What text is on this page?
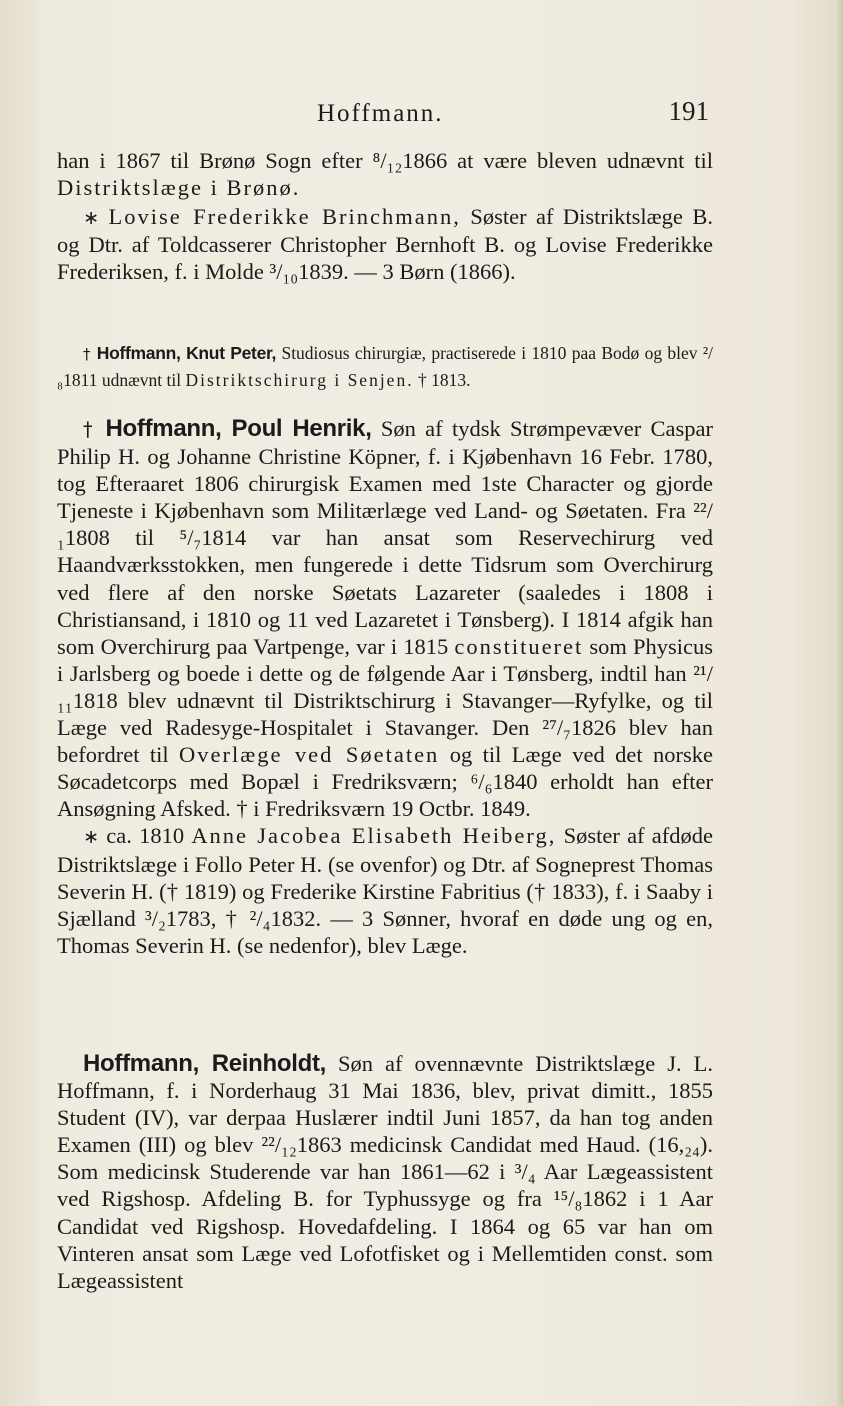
Hoffmann.	191

han i 1867 til Brønø Sogn efter ⁸/₁₂1866 at være bleven udnævnt til Distriktslæge i Brønø.

∗ Lovise Frederikke Brinchmann, Søster af Distriktslæge B. og Dtr. af Toldcasserer Christopher Bernhoft B. og Lovise Frederikke Frederiksen, f. i Molde ³/₁₀1839. — 3 Børn (1866).

† Hoffmann, Knut Peter, Studiosus chirurgiæ, practiserede i 1810 paa Bodø og blev ²/₈1811 udnævnt til Distriktschirurg i Senjen. † 1813.

† Hoffmann, Poul Henrik, Søn af tydsk Strømpevæver Caspar Philip H. og Johanne Christine Köpner, f. i Kjøbenhavn 16 Febr. 1780, tog Efteraaret 1806 chirurgisk Examen med 1ste Character og gjorde Tjeneste i Kjøbenhavn som Militærlæge ved Land- og Søetaten. Fra ²²/₁1808 til ⁵/₇1814 var han ansat som Reservechirurg ved Haandværksstokken, men fungerede i dette Tidsrum som Overchirurg ved flere af den norske Søetats Lazareter (saaledes i 1808 i Christiansand, i 1810 og 11 ved Lazaretet i Tønsberg). I 1814 afgik han som Overchirurg paa Vartpenge, var i 1815 constitueret som Physicus i Jarlsberg og boede i dette og de følgende Aar i Tønsberg, indtil han ²¹/₁₁1818 blev udnævnt til Distriktschirurg i Stavanger—Ryfylke, og til Læge ved Radesyge-Hospitalet i Stavanger. Den ²⁷/₇1826 blev han befordret til Overlæge ved Søetaten og til Læge ved det norske Søcadetcorps med Bopæl i Fredriksværn; ⁶/₆1840 erholdt han efter Ansøgning Afsked. † i Fredriksværn 19 Octbr. 1849.

∗ ca. 1810 Anne Jacobea Elisabeth Heiberg, Søster af afdøde Distriktslæge i Follo Peter H. (se ovenfor) og Dtr. af Sogneprest Thomas Severin H. († 1819) og Frederike Kirstine Fabritius († 1833), f. i Saaby i Sjælland ³/₂1783, † ²/₄1832. — 3 Sønner, hvoraf en døde ung og en, Thomas Severin H. (se nedenfor), blev Læge.

Hoffmann, Reinholdt, Søn af ovennævnte Distriktslæge J. L. Hoffmann, f. i Norderhaug 31 Mai 1836, blev, privat dimitt., 1855 Student (IV), var derpaa Huslærer indtil Juni 1857, da han tog anden Examen (III) og blev ²²/₁₂1863 medicinsk Candidat med Haud. (16,₂₄). Som medicinsk Studerende var han 1861—62 i ³/₄ Aar Lægeassistent ved Rigshosp. Afdeling B. for Typhussyge og fra ¹⁵/₈1862 i 1 Aar Candidat ved Rigshosp. Hovedafdeling. I 1864 og 65 var han om Vinteren ansat som Læge ved Lofotfisket og i Mellemtiden const. som Lægeassistent
